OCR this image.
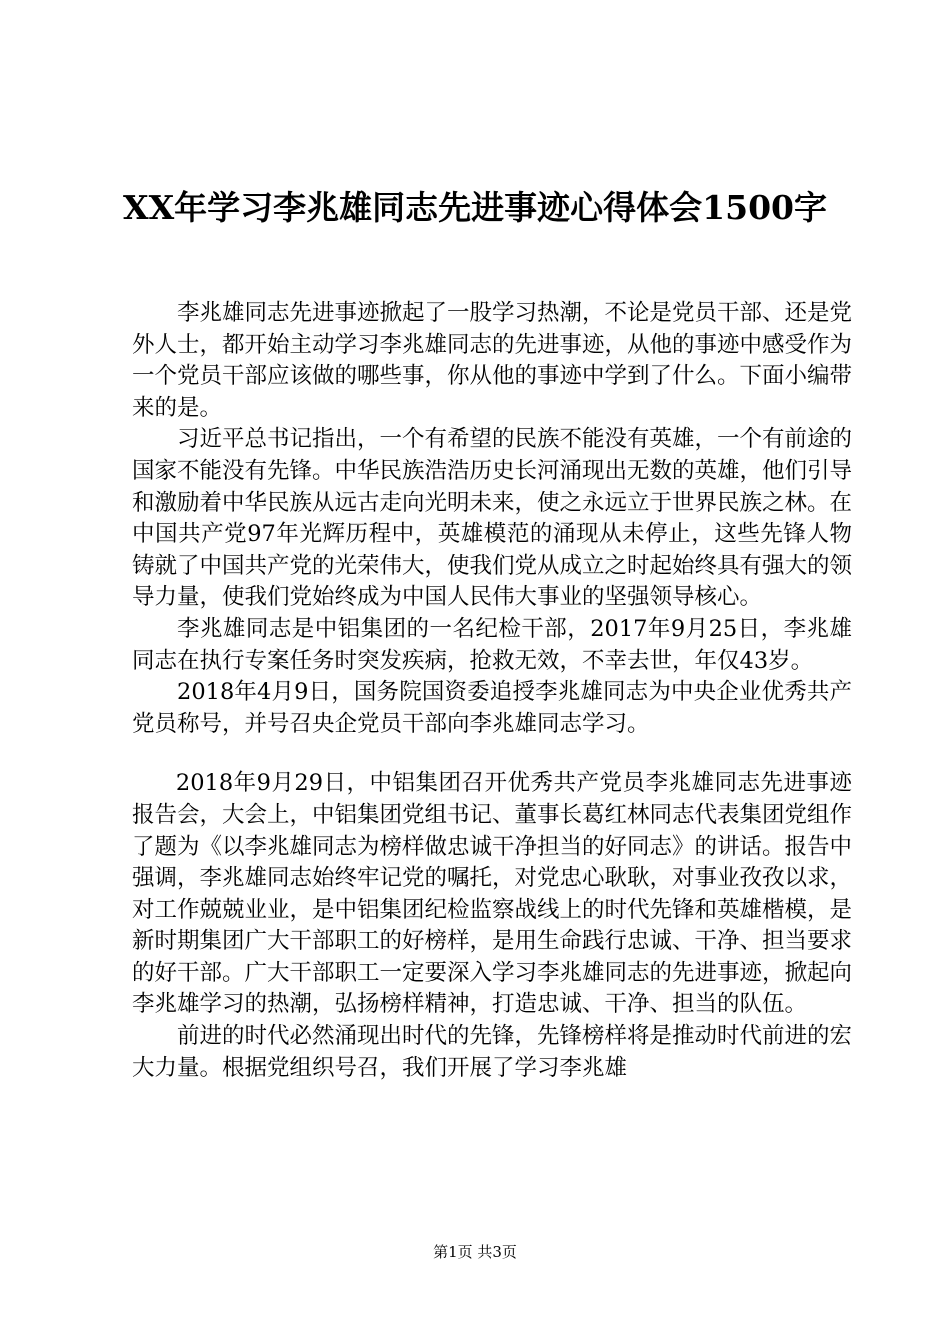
XX年学习李兆雄同志先进事迹心得体会1500字

李兆雄同志先进事迹掀起了一股学习热潮，不论是党员干部、还是党外人士，都开始主动学习李兆雄同志的先进事迹，从他的事迹中感受作为一个党员干部应该做的哪些事，你从他的事迹中学到了什么。下面小编带来的是。

习近平总书记指出，一个有希望的民族不能没有英雄，一个有前途的国家不能没有先锋。中华民族浩浩历史长河涌现出无数的英雄，他们引导和激励着中华民族从远古走向光明未来，使之永远立于世界民族之林。在中国共产党97年光辉历程中，英雄模范的涌现从未停止，这些先锋人物铸就了中国共产党的光荣伟大，使我们党从成立之时起始终具有强大的领导力量，使我们党始终成为中国人民伟大事业的坚强领导核心。

李兆雄同志是中铝集团的一名纪检干部，2017年9月25日，李兆雄同志在执行专案任务时突发疾病，抢救无效，不幸去世，年仅43岁。

2018年4月9日，国务院国资委追授李兆雄同志为中央企业优秀共产党员称号，并号召央企党员干部向李兆雄同志学习。

2018年9月29日，中铝集团召开优秀共产党员李兆雄同志先进事迹报告会，大会上，中铝集团党组书记、董事长葛红林同志代表集团党组作了题为《以李兆雄同志为榜样做忠诚干净担当的好同志》的讲话。报告中强调，李兆雄同志始终牢记党的嘱托，对党忠心耿耿，对事业孜孜以求，对工作兢兢业业，是中铝集团纪检监察战线上的时代先锋和英雄楷模，是新时期集团广大干部职工的好榜样，是用生命践行忠诚、干净、担当要求的好干部。广大干部职工一定要深入学习李兆雄同志的先进事迹，掀起向李兆雄学习的热潮，弘扬榜样精神，打造忠诚、干净、担当的队伍。

前进的时代必然涌现出时代的先锋，先锋榜样将是推动时代前进的宏大力量。根据党组织号召，我们开展了学习李兆雄

第1页 共3页
